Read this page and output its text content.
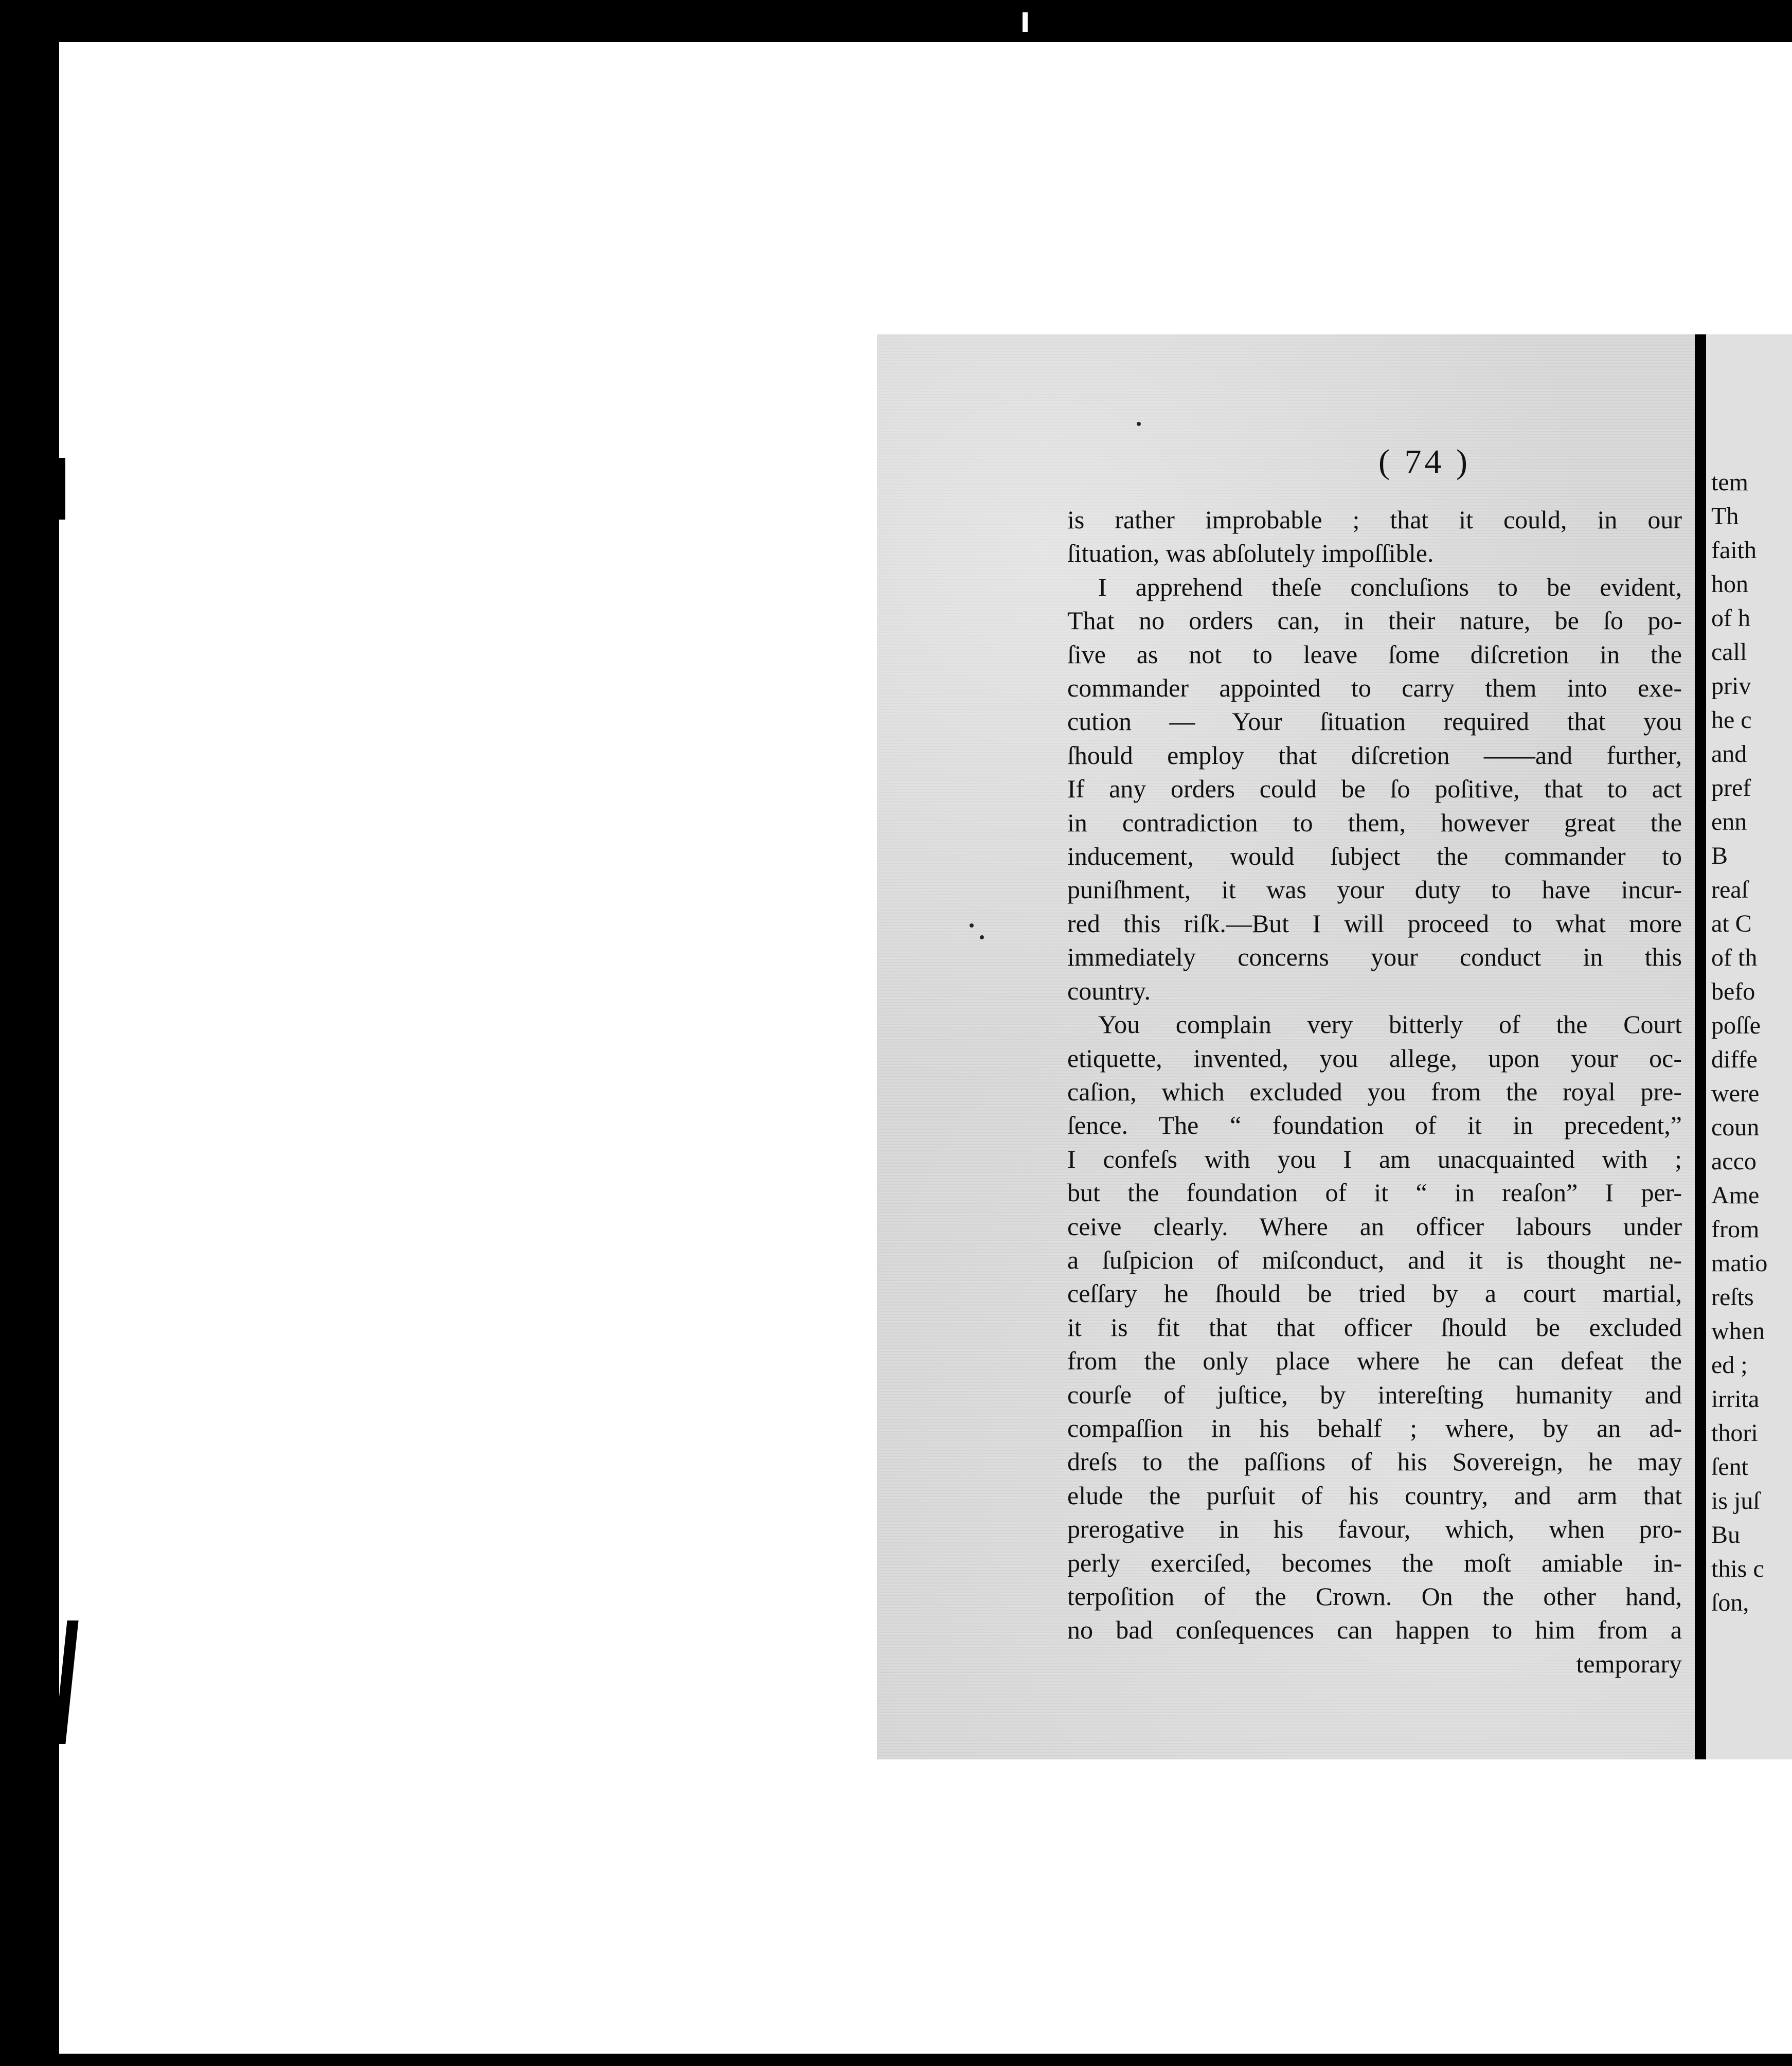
tem
Th
faith
hon
of h
call
priv
he c
and
pref
enn
B
reaſ
at C
of th
befo
poſſe
diffe
were
coun
acco
Ame
from
matio
reſts
when
ed ;
irrita
thori
ſent
is juſ
Bu
this c
ſon,
( 74 )
is rather improbable ; that it could, in our
ſituation, was abſolutely impoſſible.
I apprehend theſe concluſions to be evident,
That no orders can, in their nature, be ſo po-
ſive as not to leave ſome diſcretion in the
commander appointed to carry them into exe-
cution — Your ſituation required that you
ſhould employ that diſcretion ——and further,
If any orders could be ſo poſitive, that to act
in contradiction to them, however great the
inducement, would ſubject the commander to
puniſhment, it was your duty to have incur-
red this riſk.—But I will proceed to what more
immediately concerns your conduct in this
country.
You complain very bitterly of the Court
etiquette, invented, you allege, upon your oc-
caſion, which excluded you from the royal pre-
ſence. The “ foundation of it in precedent,”
I confeſs with you I am unacquainted with ;
but the foundation of it “ in reaſon” I per-
ceive clearly. Where an officer labours under
a ſuſpicion of miſconduct, and it is thought ne-
ceſſary he ſhould be tried by a court martial,
it is fit that that officer ſhould be excluded
from the only place where he can defeat the
courſe of juſtice, by intereſting humanity and
compaſſion in his behalf ; where, by an ad-
dreſs to the paſſions of his Sovereign, he may
elude the purſuit of his country, and arm that
prerogative in his favour, which, when pro-
perly exerciſed, becomes the moſt amiable in-
terpoſition of the Crown. On the other hand,
no bad conſequences can happen to him from a
temporary
